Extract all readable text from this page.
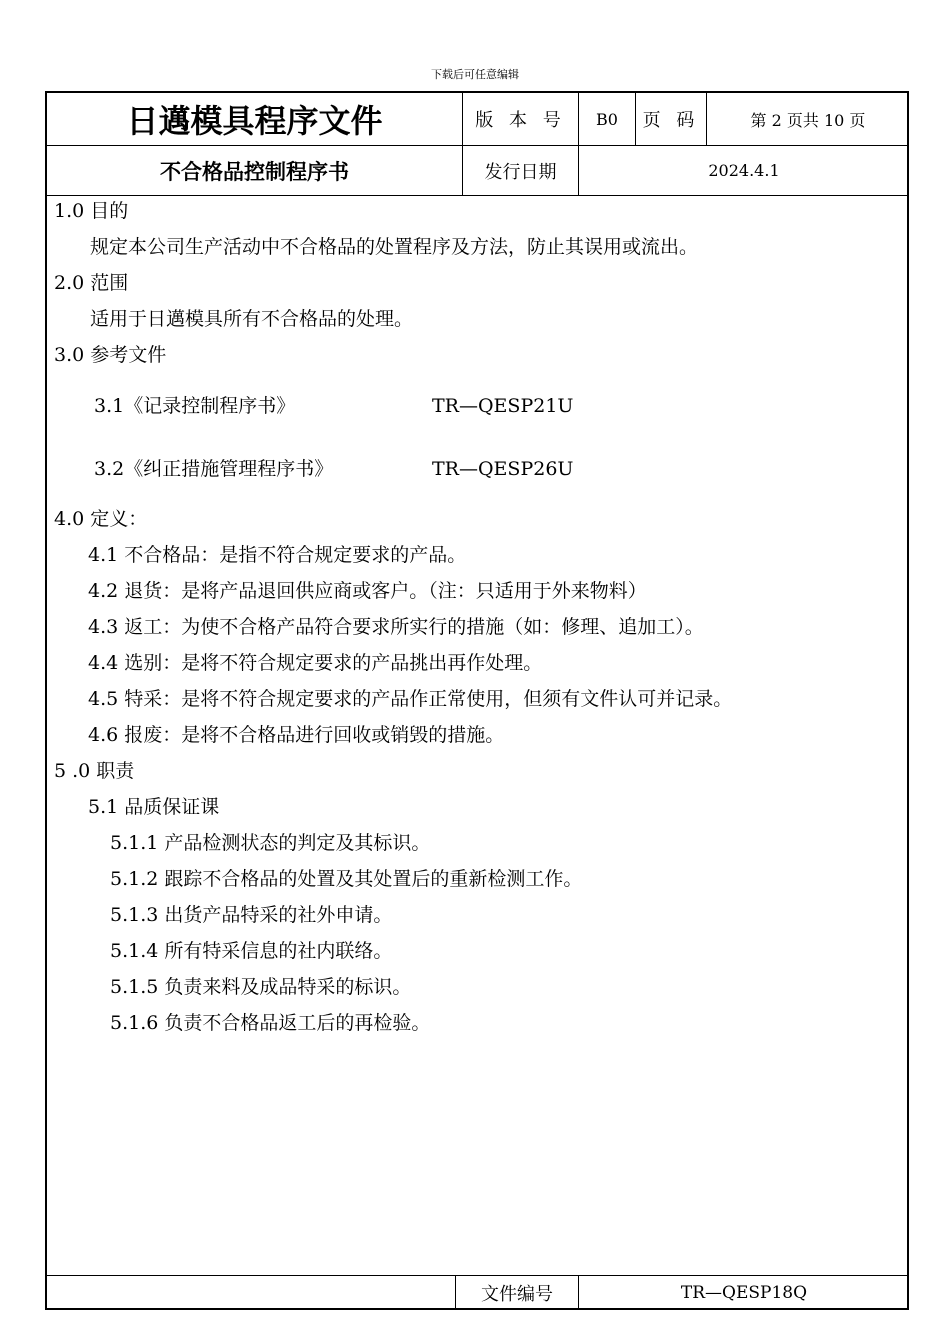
下载后可任意编辑
日邁模具程序文件	版 本 号	B0	页 码	第 2 页共 10 页
不合格品控制程序书	发行日期	2024.4.1
1.0 目的
规定本公司生产活动中不合格品的处置程序及方法，防止其误用或流出。
2.0 范围
适用于日邁模具所有不合格品的处理。
3.0 参考文件
3.1《记录控制程序书》	TR—QESP21U
3.2《纠正措施管理程序书》	TR—QESP26U
4.0 定义：
4.1 不合格品：是指不符合规定要求的产品。
4.2 退货：是将产品退回供应商或客户。（注：只适用于外来物料）
4.3 返工：为使不合格产品符合要求所实行的措施（如：修理、追加工）。
4.4 选别：是将不符合规定要求的产品挑出再作处理。
4.5 特采：是将不符合规定要求的产品作正常使用，但须有文件认可并记录。
4.6 报废：是将不合格品进行回收或销毁的措施。
5 .0 职责
5.1 品质保证课
5.1.1 产品检测状态的判定及其标识。
5.1.2 跟踪不合格品的处置及其处置后的重新检测工作。
5.1.3 出货产品特采的社外申请。
5.1.4 所有特采信息的社内联络。
5.1.5 负责来料及成品特采的标识。
5.1.6 负责不合格品返工后的再检验。
文件编号	TR—QESP18Q
